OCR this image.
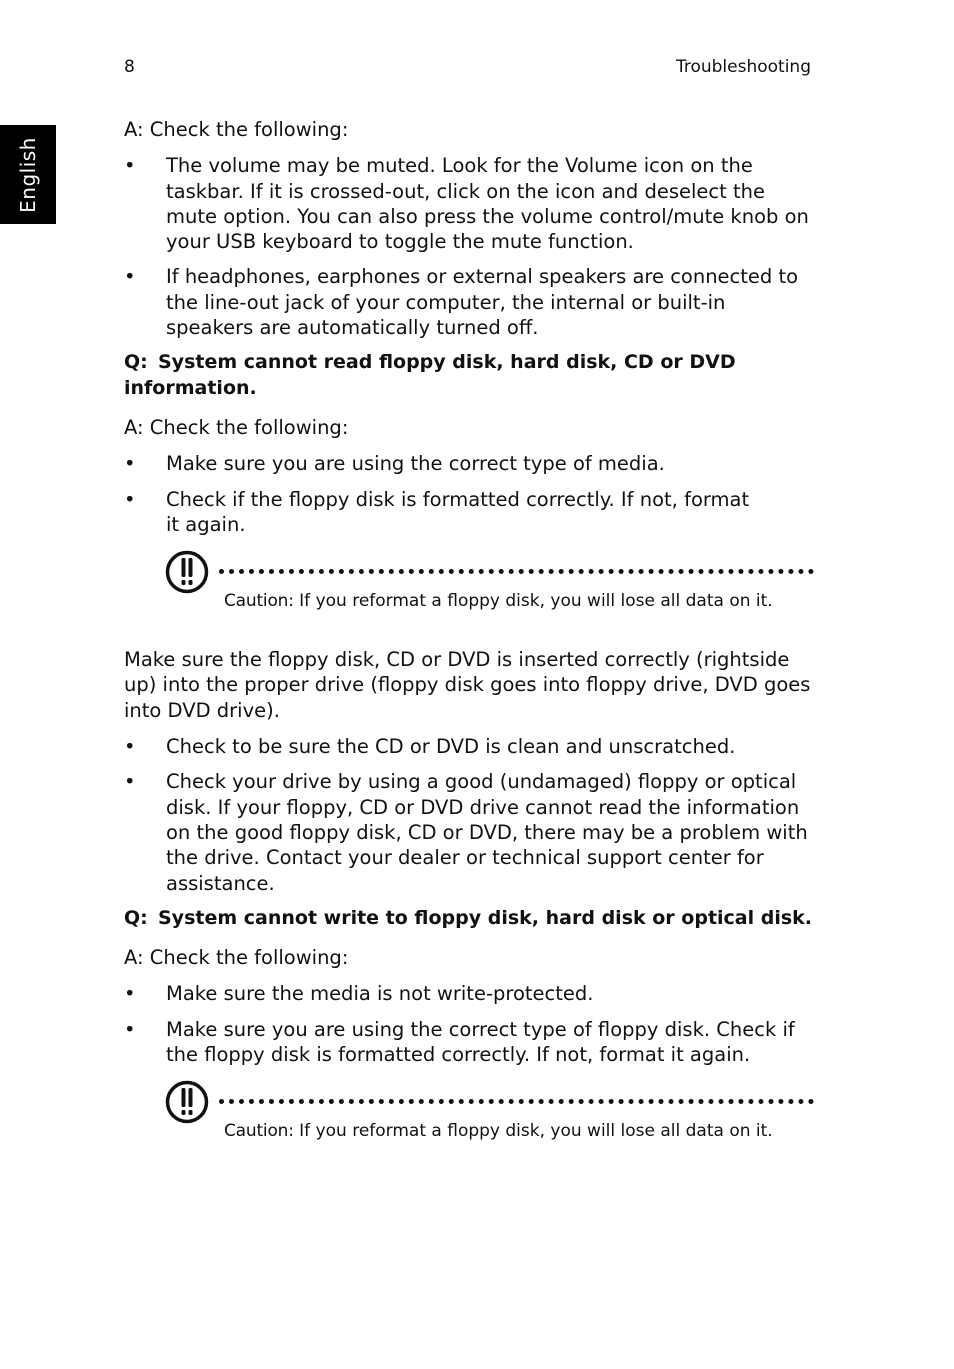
8	Troubleshooting
English

A: Check the following:

• The volume may be muted. Look for the Volume icon on the taskbar. If it is crossed-out, click on the icon and deselect the mute option. You can also press the volume control/mute knob on your USB keyboard to toggle the mute function.
• If headphones, earphones or external speakers are connected to the line-out jack of your computer, the internal or built-in speakers are automatically turned off.

Q: System cannot read floppy disk, hard disk, CD or DVD information.

A: Check the following:

• Make sure you are using the correct type of media.
• Check if the floppy disk is formatted correctly. If not, format it again.

Caution: If you reformat a floppy disk, you will lose all data on it.

Make sure the floppy disk, CD or DVD is inserted correctly (rightside up) into the proper drive (floppy disk goes into floppy drive, DVD goes into DVD drive).

• Check to be sure the CD or DVD is clean and unscratched.
• Check your drive by using a good (undamaged) floppy or optical disk. If your floppy, CD or DVD drive cannot read the information on the good floppy disk, CD or DVD, there may be a problem with the drive. Contact your dealer or technical support center for assistance.

Q: System cannot write to floppy disk, hard disk or optical disk.

A: Check the following:

• Make sure the media is not write-protected.
• Make sure you are using the correct type of floppy disk. Check if the floppy disk is formatted correctly. If not, format it again.

Caution: If you reformat a floppy disk, you will lose all data on it.
